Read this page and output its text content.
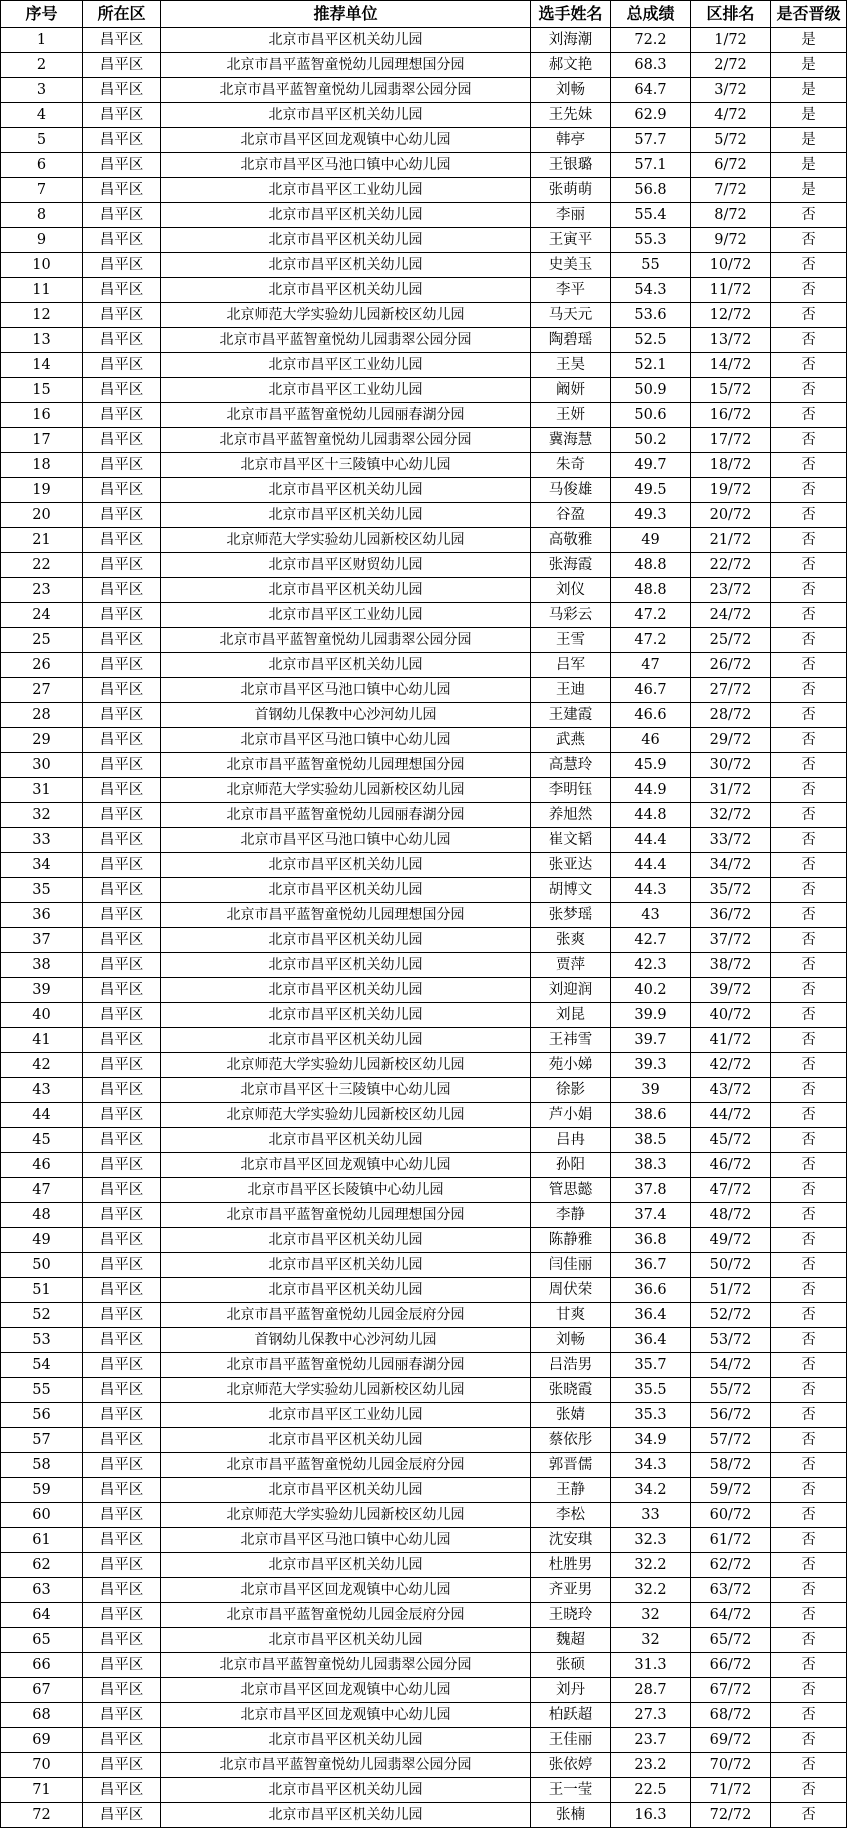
序号	所在区	推荐单位	选手姓名	总成绩	区排名	是否晋级
1	昌平区	北京市昌平区机关幼儿园	刘海潮	72.2	1/72	是
2	昌平区	北京市昌平蓝智童悦幼儿园理想国分园	郝文艳	68.3	2/72	是
3	昌平区	北京市昌平蓝智童悦幼儿园翡翠公园分园	刘畅	64.7	3/72	是
4	昌平区	北京市昌平区机关幼儿园	王先妹	62.9	4/72	是
5	昌平区	北京市昌平区回龙观镇中心幼儿园	韩亭	57.7	5/72	是
6	昌平区	北京市昌平区马池口镇中心幼儿园	王银璐	57.1	6/72	是
7	昌平区	北京市昌平区工业幼儿园	张萌萌	56.8	7/72	是
8	昌平区	北京市昌平区机关幼儿园	李丽	55.4	8/72	否
9	昌平区	北京市昌平区机关幼儿园	王寅平	55.3	9/72	否
10	昌平区	北京市昌平区机关幼儿园	史美玉	55	10/72	否
11	昌平区	北京市昌平区机关幼儿园	李平	54.3	11/72	否
12	昌平区	北京师范大学实验幼儿园新校区幼儿园	马天元	53.6	12/72	否
13	昌平区	北京市昌平蓝智童悦幼儿园翡翠公园分园	陶碧瑶	52.5	13/72	否
14	昌平区	北京市昌平区工业幼儿园	王昊	52.1	14/72	否
15	昌平区	北京市昌平区工业幼儿园	阚妍	50.9	15/72	否
16	昌平区	北京市昌平蓝智童悦幼儿园丽春湖分园	王妍	50.6	16/72	否
17	昌平区	北京市昌平蓝智童悦幼儿园翡翠公园分园	冀海慧	50.2	17/72	否
18	昌平区	北京市昌平区十三陵镇中心幼儿园	朱奇	49.7	18/72	否
19	昌平区	北京市昌平区机关幼儿园	马俊雄	49.5	19/72	否
20	昌平区	北京市昌平区机关幼儿园	谷盈	49.3	20/72	否
21	昌平区	北京师范大学实验幼儿园新校区幼儿园	高敬雅	49	21/72	否
22	昌平区	北京市昌平区财贸幼儿园	张海霞	48.8	22/72	否
23	昌平区	北京市昌平区机关幼儿园	刘仪	48.8	23/72	否
24	昌平区	北京市昌平区工业幼儿园	马彩云	47.2	24/72	否
25	昌平区	北京市昌平蓝智童悦幼儿园翡翠公园分园	王雪	47.2	25/72	否
26	昌平区	北京市昌平区机关幼儿园	吕军	47	26/72	否
27	昌平区	北京市昌平区马池口镇中心幼儿园	王迪	46.7	27/72	否
28	昌平区	首钢幼儿保教中心沙河幼儿园	王建霞	46.6	28/72	否
29	昌平区	北京市昌平区马池口镇中心幼儿园	武燕	46	29/72	否
30	昌平区	北京市昌平蓝智童悦幼儿园理想国分园	高慧玲	45.9	30/72	否
31	昌平区	北京师范大学实验幼儿园新校区幼儿园	李明钰	44.9	31/72	否
32	昌平区	北京市昌平蓝智童悦幼儿园丽春湖分园	养旭然	44.8	32/72	否
33	昌平区	北京市昌平区马池口镇中心幼儿园	崔文韬	44.4	33/72	否
34	昌平区	北京市昌平区机关幼儿园	张亚达	44.4	34/72	否
35	昌平区	北京市昌平区机关幼儿园	胡博文	44.3	35/72	否
36	昌平区	北京市昌平蓝智童悦幼儿园理想国分园	张梦瑶	43	36/72	否
37	昌平区	北京市昌平区机关幼儿园	张爽	42.7	37/72	否
38	昌平区	北京市昌平区机关幼儿园	贾萍	42.3	38/72	否
39	昌平区	北京市昌平区机关幼儿园	刘迎润	40.2	39/72	否
40	昌平区	北京市昌平区机关幼儿园	刘昆	39.9	40/72	否
41	昌平区	北京市昌平区机关幼儿园	王祎雪	39.7	41/72	否
42	昌平区	北京师范大学实验幼儿园新校区幼儿园	苑小娣	39.3	42/72	否
43	昌平区	北京市昌平区十三陵镇中心幼儿园	徐影	39	43/72	否
44	昌平区	北京师范大学实验幼儿园新校区幼儿园	芦小娟	38.6	44/72	否
45	昌平区	北京市昌平区机关幼儿园	吕冉	38.5	45/72	否
46	昌平区	北京市昌平区回龙观镇中心幼儿园	孙阳	38.3	46/72	否
47	昌平区	北京市昌平区长陵镇中心幼儿园	管思懿	37.8	47/72	否
48	昌平区	北京市昌平蓝智童悦幼儿园理想国分园	李静	37.4	48/72	否
49	昌平区	北京市昌平区机关幼儿园	陈静雅	36.8	49/72	否
50	昌平区	北京市昌平区机关幼儿园	闫佳丽	36.7	50/72	否
51	昌平区	北京市昌平区机关幼儿园	周伏荣	36.6	51/72	否
52	昌平区	北京市昌平蓝智童悦幼儿园金辰府分园	甘爽	36.4	52/72	否
53	昌平区	首钢幼儿保教中心沙河幼儿园	刘畅	36.4	53/72	否
54	昌平区	北京市昌平蓝智童悦幼儿园丽春湖分园	吕浩男	35.7	54/72	否
55	昌平区	北京师范大学实验幼儿园新校区幼儿园	张晓霞	35.5	55/72	否
56	昌平区	北京市昌平区工业幼儿园	张婧	35.3	56/72	否
57	昌平区	北京市昌平区机关幼儿园	蔡依彤	34.9	57/72	否
58	昌平区	北京市昌平蓝智童悦幼儿园金辰府分园	郭晋儒	34.3	58/72	否
59	昌平区	北京市昌平区机关幼儿园	王静	34.2	59/72	否
60	昌平区	北京师范大学实验幼儿园新校区幼儿园	李松	33	60/72	否
61	昌平区	北京市昌平区马池口镇中心幼儿园	沈安琪	32.3	61/72	否
62	昌平区	北京市昌平区机关幼儿园	杜胜男	32.2	62/72	否
63	昌平区	北京市昌平区回龙观镇中心幼儿园	齐亚男	32.2	63/72	否
64	昌平区	北京市昌平蓝智童悦幼儿园金辰府分园	王晓玲	32	64/72	否
65	昌平区	北京市昌平区机关幼儿园	魏超	32	65/72	否
66	昌平区	北京市昌平蓝智童悦幼儿园翡翠公园分园	张硕	31.3	66/72	否
67	昌平区	北京市昌平区回龙观镇中心幼儿园	刘丹	28.7	67/72	否
68	昌平区	北京市昌平区回龙观镇中心幼儿园	柏跃超	27.3	68/72	否
69	昌平区	北京市昌平区机关幼儿园	王佳丽	23.7	69/72	否
70	昌平区	北京市昌平蓝智童悦幼儿园翡翠公园分园	张依婷	23.2	70/72	否
71	昌平区	北京市昌平区机关幼儿园	王一莹	22.5	71/72	否
72	昌平区	北京市昌平区机关幼儿园	张楠	16.3	72/72	否
